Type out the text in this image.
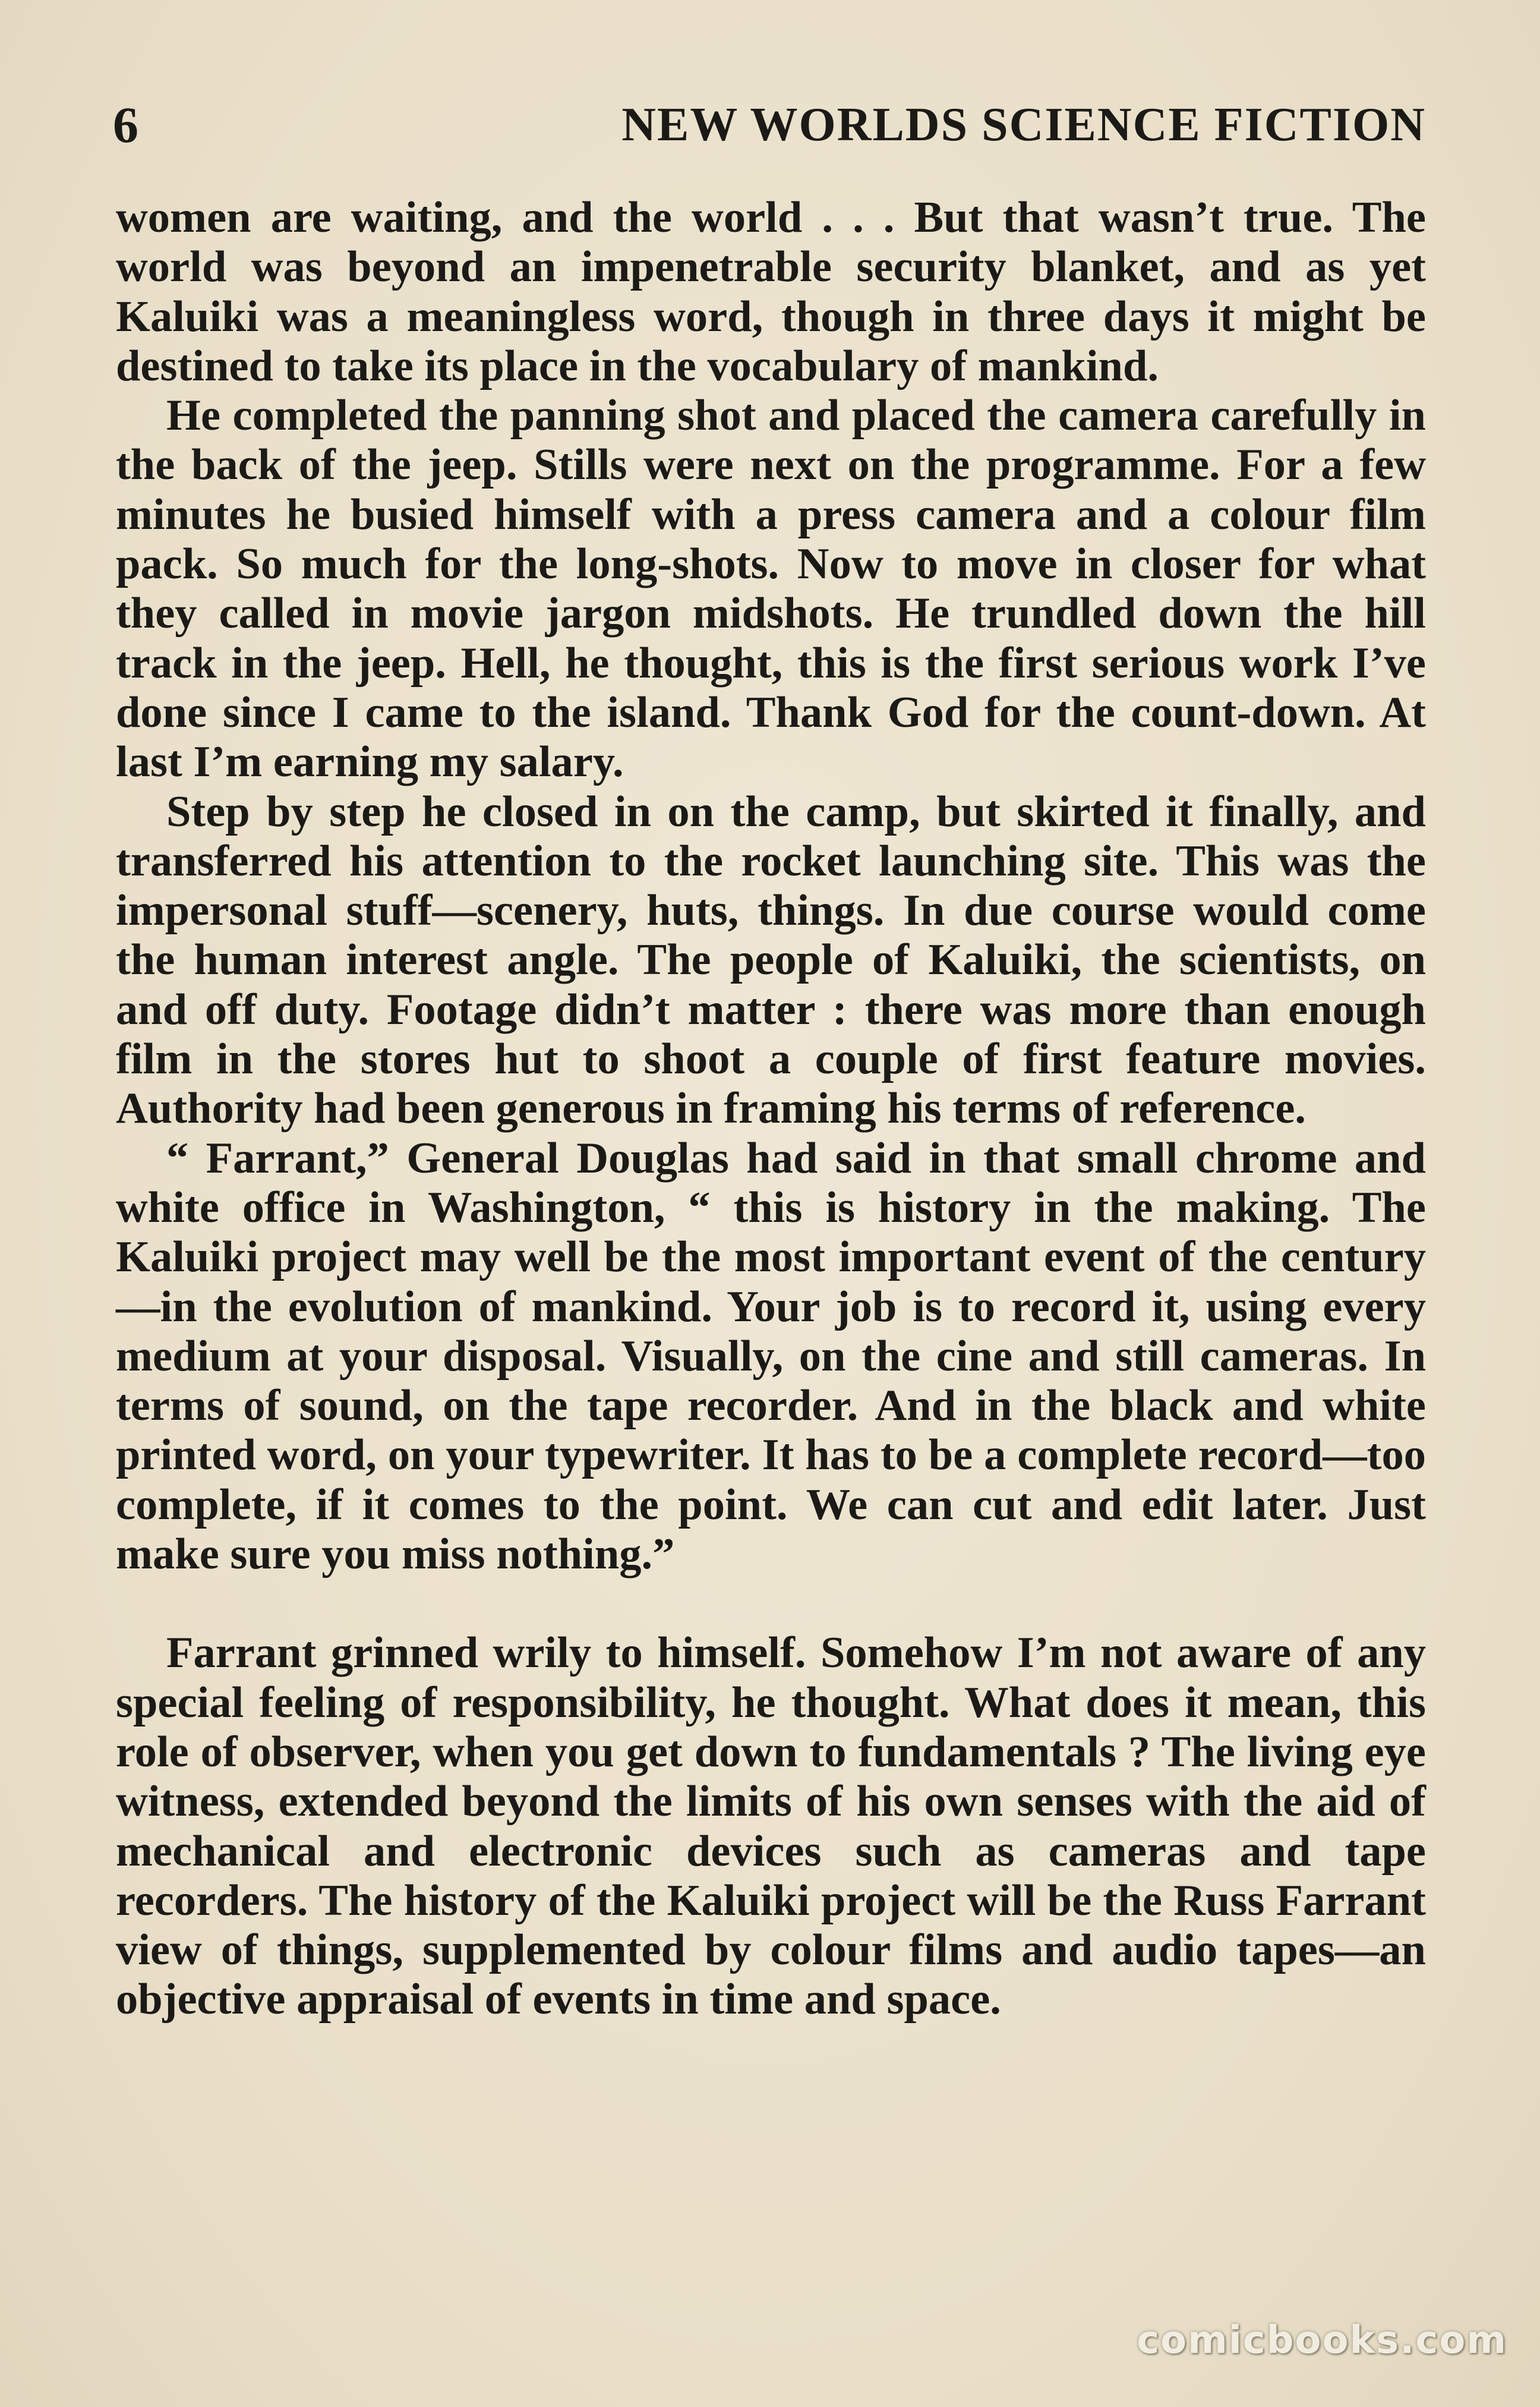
6	NEW WORLDS SCIENCE FICTION

women are waiting, and the world . . . But that wasn’t true. The world was beyond an impenetrable security blanket, and as yet Kaluiki was a meaningless word, though in three days it might be destined to take its place in the vocabulary of mankind.

He completed the panning shot and placed the camera carefully in the back of the jeep. Stills were next on the programme. For a few minutes he busied himself with a press camera and a colour film pack. So much for the long-shots. Now to move in closer for what they called in movie jargon midshots. He trundled down the hill track in the jeep. Hell, he thought, this is the first serious work I’ve done since I came to the island. Thank God for the count-down. At last I’m earning my salary.

Step by step he closed in on the camp, but skirted it finally, and transferred his attention to the rocket launching site. This was the impersonal stuff—scenery, huts, things. In due course would come the human interest angle. The people of Kaluiki, the scientists, on and off duty. Footage didn’t matter : there was more than enough film in the stores hut to shoot a couple of first feature movies. Authority had been generous in framing his terms of reference.

“ Farrant,” General Douglas had said in that small chrome and white office in Washington, “ this is history in the making. The Kaluiki project may well be the most important event of the century—in the evolution of mankind. Your job is to record it, using every medium at your disposal. Visually, on the cine and still cameras. In terms of sound, on the tape recorder. And in the black and white printed word, on your typewriter. It has to be a complete record—too complete, if it comes to the point. We can cut and edit later. Just make sure you miss nothing.”

Farrant grinned wrily to himself. Somehow I’m not aware of any special feeling of responsibility, he thought. What does it mean, this role of observer, when you get down to fundamentals ? The living eye witness, extended beyond the limits of his own senses with the aid of mechanical and electronic devices such as cameras and tape recorders. The history of the Kaluiki project will be the Russ Farrant view of things, supplemented by colour films and audio tapes—an objective appraisal of events in time and space.

comicbooks.com
